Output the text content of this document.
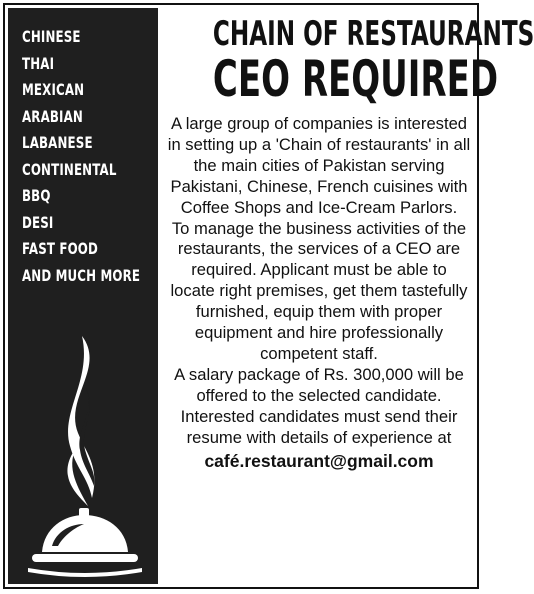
CHINESE
THAI
MEXICAN
ARABIAN
LABANESE
CONTINENTAL
BBQ
DESI
FAST FOOD
AND MUCH MORE
CHAIN OF RESTAURANTS
CEO REQUIRED

A large group of companies is interested in setting up a 'Chain of restaurants' in all the main cities of Pakistan serving Pakistani, Chinese, French cuisines with Coffee Shops and Ice-Cream Parlors.

To manage the business activities of the restaurants, the services of a CEO are required. Applicant must be able to locate right premises, get them tastefully furnished, equip them with proper equipment and hire professionally competent staff.

A salary package of Rs. 300,000 will be offered to the selected candidate.

Interested candidates must send their resume with details of experience at

café.restaurant@gmail.com
